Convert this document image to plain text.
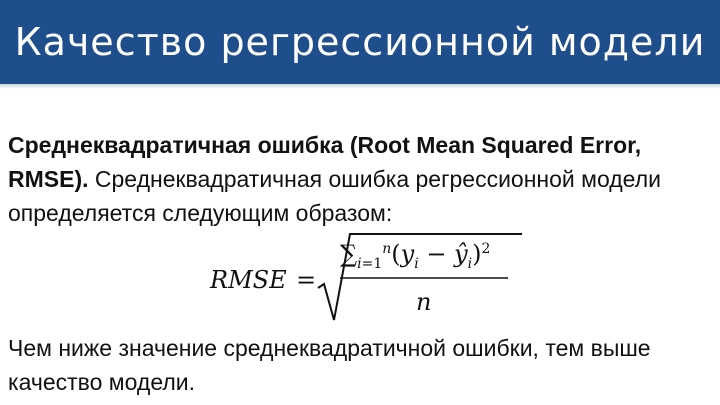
Качество регрессионной модели
Среднеквадратичная ошибка (Root Mean Squared Error, RMSE). Среднеквадратичная ошибка регрессионной модели определяется следующим образом:
RMSE =
$\sum_{i=1}^n(y_i$ − $ŷ_i)^2$
n
Чем ниже значение среднеквадратичной ошибки, тем выше качество модели.
